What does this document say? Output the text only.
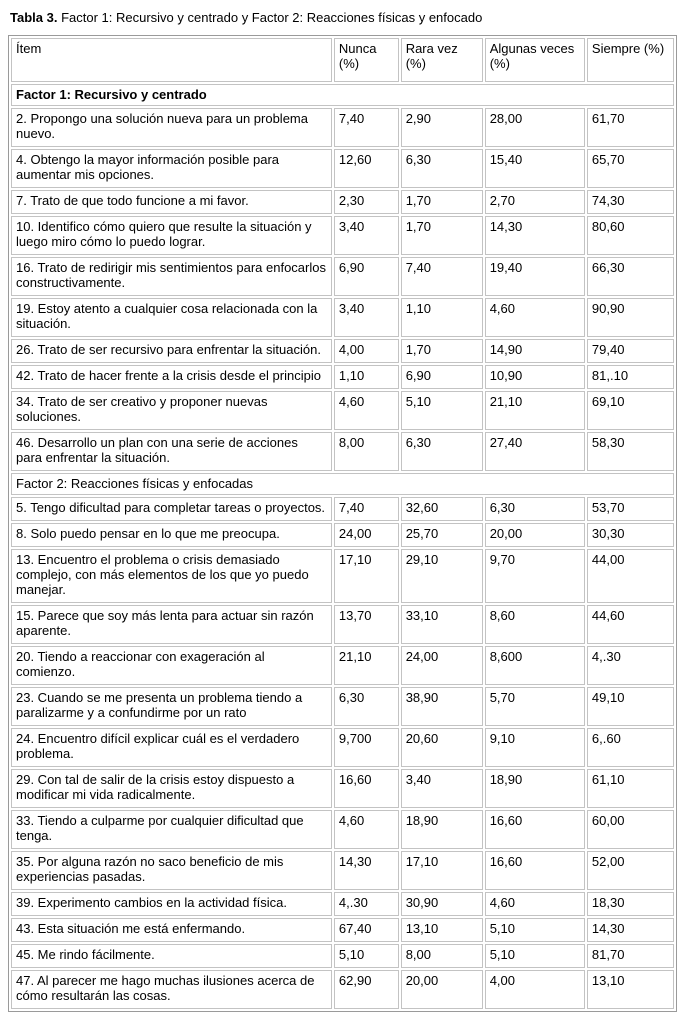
Tabla 3. Factor 1: Recursivo y centrado y Factor 2: Reacciones físicas y enfocado

Ítem	Nunca (%)	Rara vez (%)	Algunas veces (%)	Siempre (%)
Factor 1: Recursivo y centrado				
2. Propongo una solución nueva para un problema nuevo.	7,40	2,90	28,00	61,70
4. Obtengo la mayor información posible para aumentar mis opciones.	12,60	6,30	15,40	65,70
7. Trato de que todo funcione a mi favor.	2,30	1,70	2,70	74,30
10. Identifico cómo quiero que resulte la situación y luego miro cómo lo puedo lograr.	3,40	1,70	14,30	80,60
16. Trato de redirigir mis sentimientos para enfocarlos constructivamente.	6,90	7,40	19,40	66,30
19. Estoy atento a cualquier cosa relacionada con la situación.	3,40	1,10	4,60	90,90
26. Trato de ser recursivo para enfrentar la situación.	4,00	1,70	14,90	79,40
42. Trato de hacer frente a la crisis desde el principio	1,10	6,90	10,90	81,.10
34. Trato de ser creativo y proponer nuevas soluciones.	4,60	5,10	21,10	69,10
46. Desarrollo un plan con una serie de acciones para enfrentar la situación.	8,00	6,30	27,40	58,30
Factor 2: Reacciones físicas y enfocadas				
5. Tengo dificultad para completar tareas o proyectos.	7,40	32,60	6,30	53,70
8. Solo puedo pensar en lo que me preocupa.	24,00	25,70	20,00	30,30
13. Encuentro el problema o crisis demasiado complejo, con más elementos de los que yo puedo manejar.	17,10	29,10	9,70	44,00
15. Parece que soy más lenta para actuar sin razón aparente.	13,70	33,10	8,60	44,60
20. Tiendo a reaccionar con exageración al comienzo.	21,10	24,00	8,600	4,.30
23. Cuando se me presenta un problema tiendo a paralizarme y a confundirme por un rato	6,30	38,90	5,70	49,10
24. Encuentro difícil explicar cuál es el verdadero problema.	9,700	20,60	9,10	6,.60
29. Con tal de salir de la crisis estoy dispuesto a modificar mi vida radicalmente.	16,60	3,40	18,90	61,10
33. Tiendo a culparme por cualquier dificultad que tenga.	4,60	18,90	16,60	60,00
35. Por alguna razón no saco beneficio de mis experiencias pasadas.	14,30	17,10	16,60	52,00
39. Experimento cambios en la actividad física.	4,.30	30,90	4,60	18,30
43. Esta situación me está enfermando.	67,40	13,10	5,10	14,30
45. Me rindo fácilmente.	5,10	8,00	5,10	81,70
47. Al parecer me hago muchas ilusiones acerca de cómo resultarán las cosas.	62,90	20,00	4,00	13,10
